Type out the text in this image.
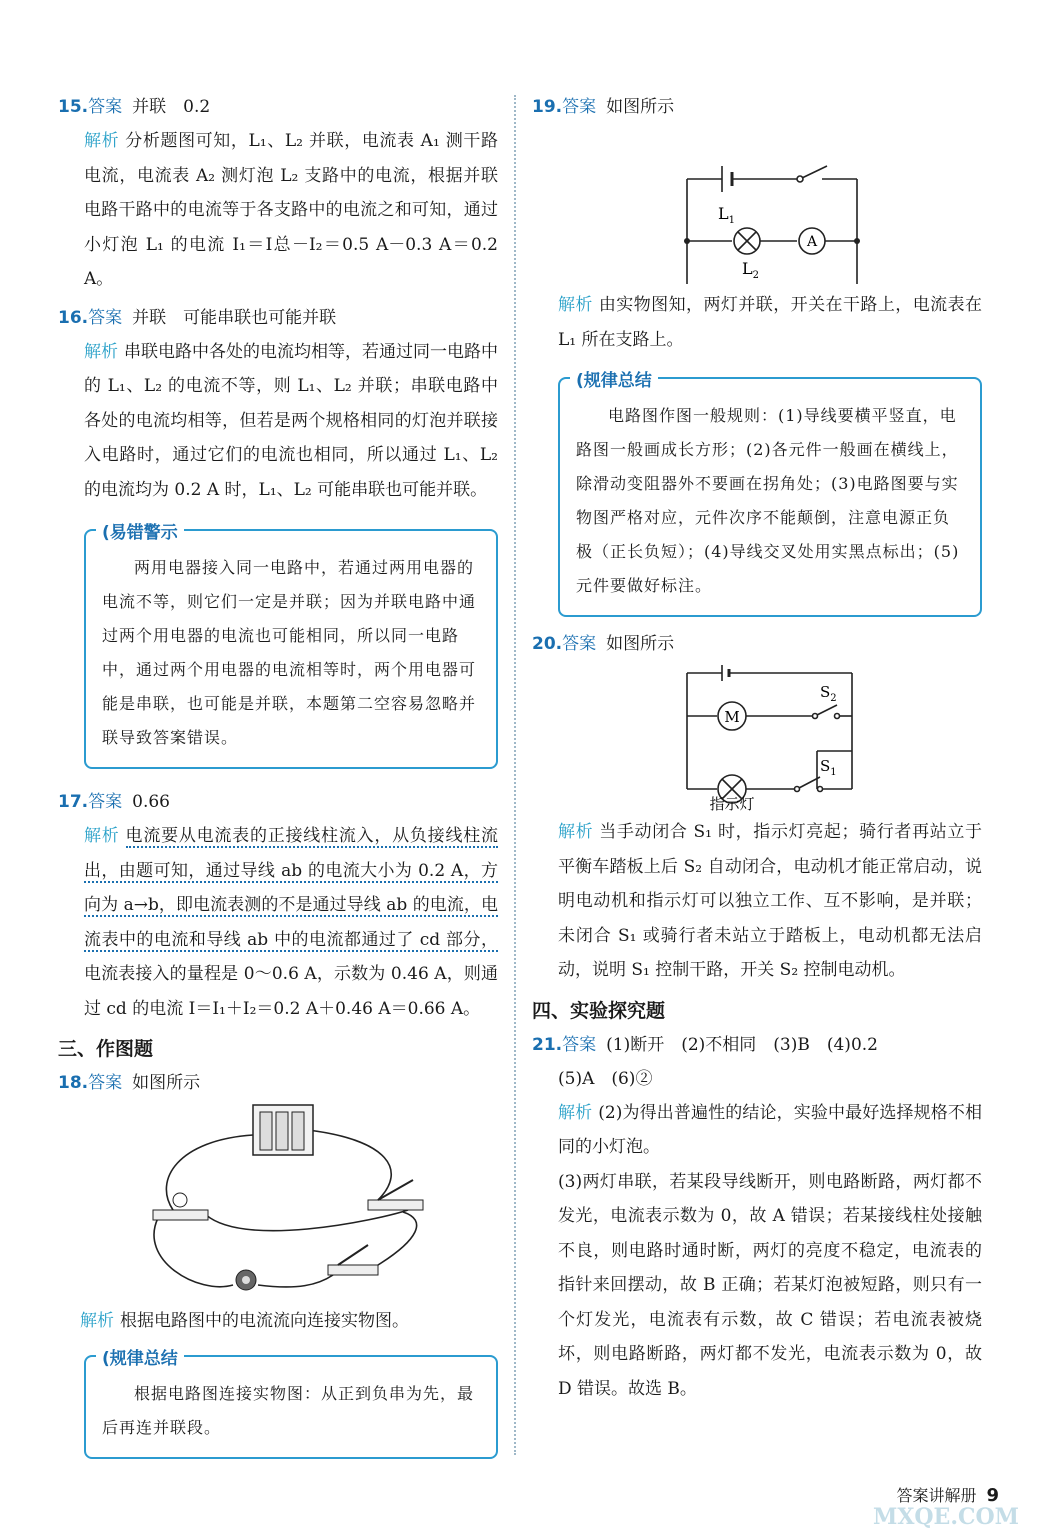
15.答案 并联　0.2
解析 分析题图可知，L₁、L₂ 并联，电流表 A₁ 测干路电流，电流表 A₂ 测灯泡 L₂ 支路中的电流，根据并联电路干路中的电流等于各支路中的电流之和可知，通过小灯泡 L₁ 的电流 I₁＝I总－I₂＝0.5 A－0.3 A＝0.2 A。
16.答案 并联　可能串联也可能并联
解析 串联电路中各处的电流均相等，若通过同一电路中的 L₁、L₂ 的电流不等，则 L₁、L₂ 并联；串联电路中各处的电流均相等，但若是两个规格相同的灯泡并联接入电路时，通过它们的电流也相同，所以通过 L₁、L₂ 的电流均为 0.2 A 时，L₁、L₂ 可能串联也可能并联。
(易错警示
两用电器接入同一电路中，若通过两用电器的电流不等，则它们一定是并联；因为并联电路中通过两个用电器的电流也可能相同，所以同一电路中，通过两个用电器的电流相等时，两个用电器可能是串联，也可能是并联，本题第二空容易忽略并联导致答案错误。
17.答案 0.66
解析 电流要从电流表的正接线柱流入，从负接线柱流出，由题可知，通过导线 ab 的电流大小为 0.2 A，方向为 a→b，即电流表测的不是通过导线 ab 的电流，电流表中的电流和导线 ab 中的电流都通过了 cd 部分，电流表接入的量程是 0～0.6 A，示数为 0.46 A，则通过 cd 的电流 I＝I₁＋I₂＝0.2 A＋0.46 A＝0.66 A。
三、作图题
18.答案 如图所示
解析 根据电路图中的电流流向连接实物图。
(规律总结
根据电路图连接实物图：从正到负串为先，最后再连并联段。
19.答案 如图所示
A
$L_1$
$L_2$
解析 由实物图知，两灯并联，开关在干路上，电流表在 L₁ 所在支路上。
(规律总结
电路图作图一般规则：(1)导线要横平竖直，电路图一般画成长方形；(2)各元件一般画在横线上，除滑动变阻器外不要画在拐角处；(3)电路图要与实物图严格对应，元件次序不能颠倒，注意电源正负极（正长负短）；(4)导线交叉处用实黑点标出；(5)元件要做好标注。
20.答案 如图所示
M
$S_2$
$S_1$
指示灯
解析 当手动闭合 S₁ 时，指示灯亮起；骑行者再站立于平衡车踏板上后 S₂ 自动闭合，电动机才能正常启动，说明电动机和指示灯可以独立工作、互不影响，是并联；未闭合 S₁ 或骑行者未站立于踏板上，电动机都无法启动，说明 S₁ 控制干路，开关 S₂ 控制电动机。
四、实验探究题
21.答案 (1)断开　(2)不相同　(3)B　(4)0.2
(5)A　(6)②
解析 (2)为得出普遍性的结论，实验中最好选择规格不相同的小灯泡。
(3)两灯串联，若某段导线断开，则电路断路，两灯都不发光，电流表示数为 0，故 A 错误；若某接线柱处接触不良，则电路时通时断，两灯的亮度不稳定，电流表的指针来回摆动，故 B 正确；若某灯泡被短路，则只有一个灯发光，电流表有示数，故 C 错误；若电流表被烧坏，则电路断路，两灯都不发光，电流表示数为 0，故 D 错误。故选 B。
答案讲解册 9
MXQE.COM
